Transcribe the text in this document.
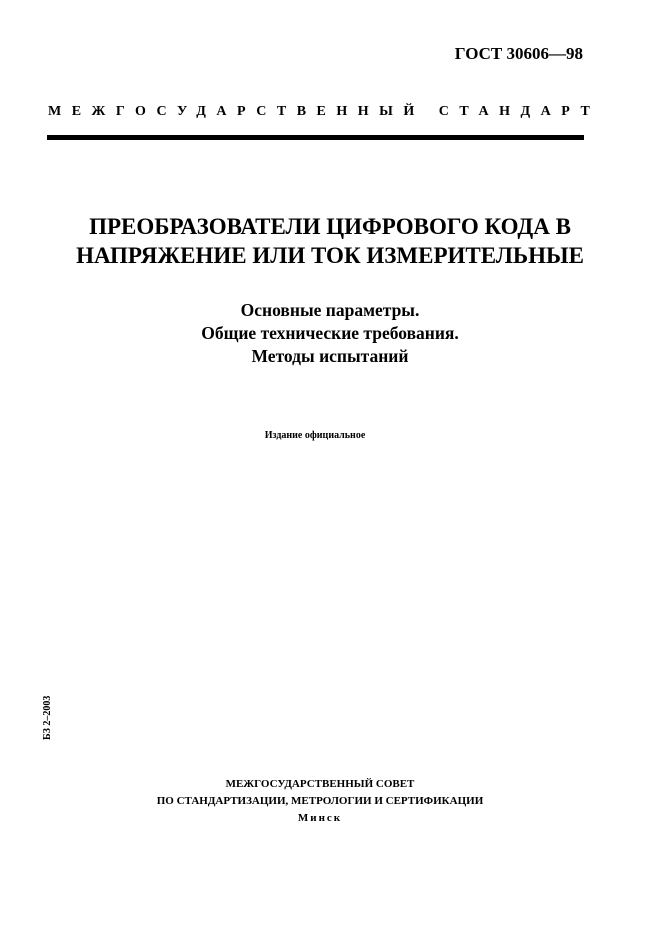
ГОСТ 30606—98
МЕЖГОСУДАРСТВЕННЫЙ СТАНДАРТ
ПРЕОБРАЗОВАТЕЛИ ЦИФРОВОГО КОДА В
НАПРЯЖЕНИЕ ИЛИ ТОК ИЗМЕРИТЕЛЬНЫЕ
Основные параметры.
Общие технические требования.
Методы испытаний
Издание официальное
БЗ 2–2003
МЕЖГОСУДАРСТВЕННЫЙ СОВЕТ
ПО СТАНДАРТИЗАЦИИ, МЕТРОЛОГИИ И СЕРТИФИКАЦИИ
Минск
